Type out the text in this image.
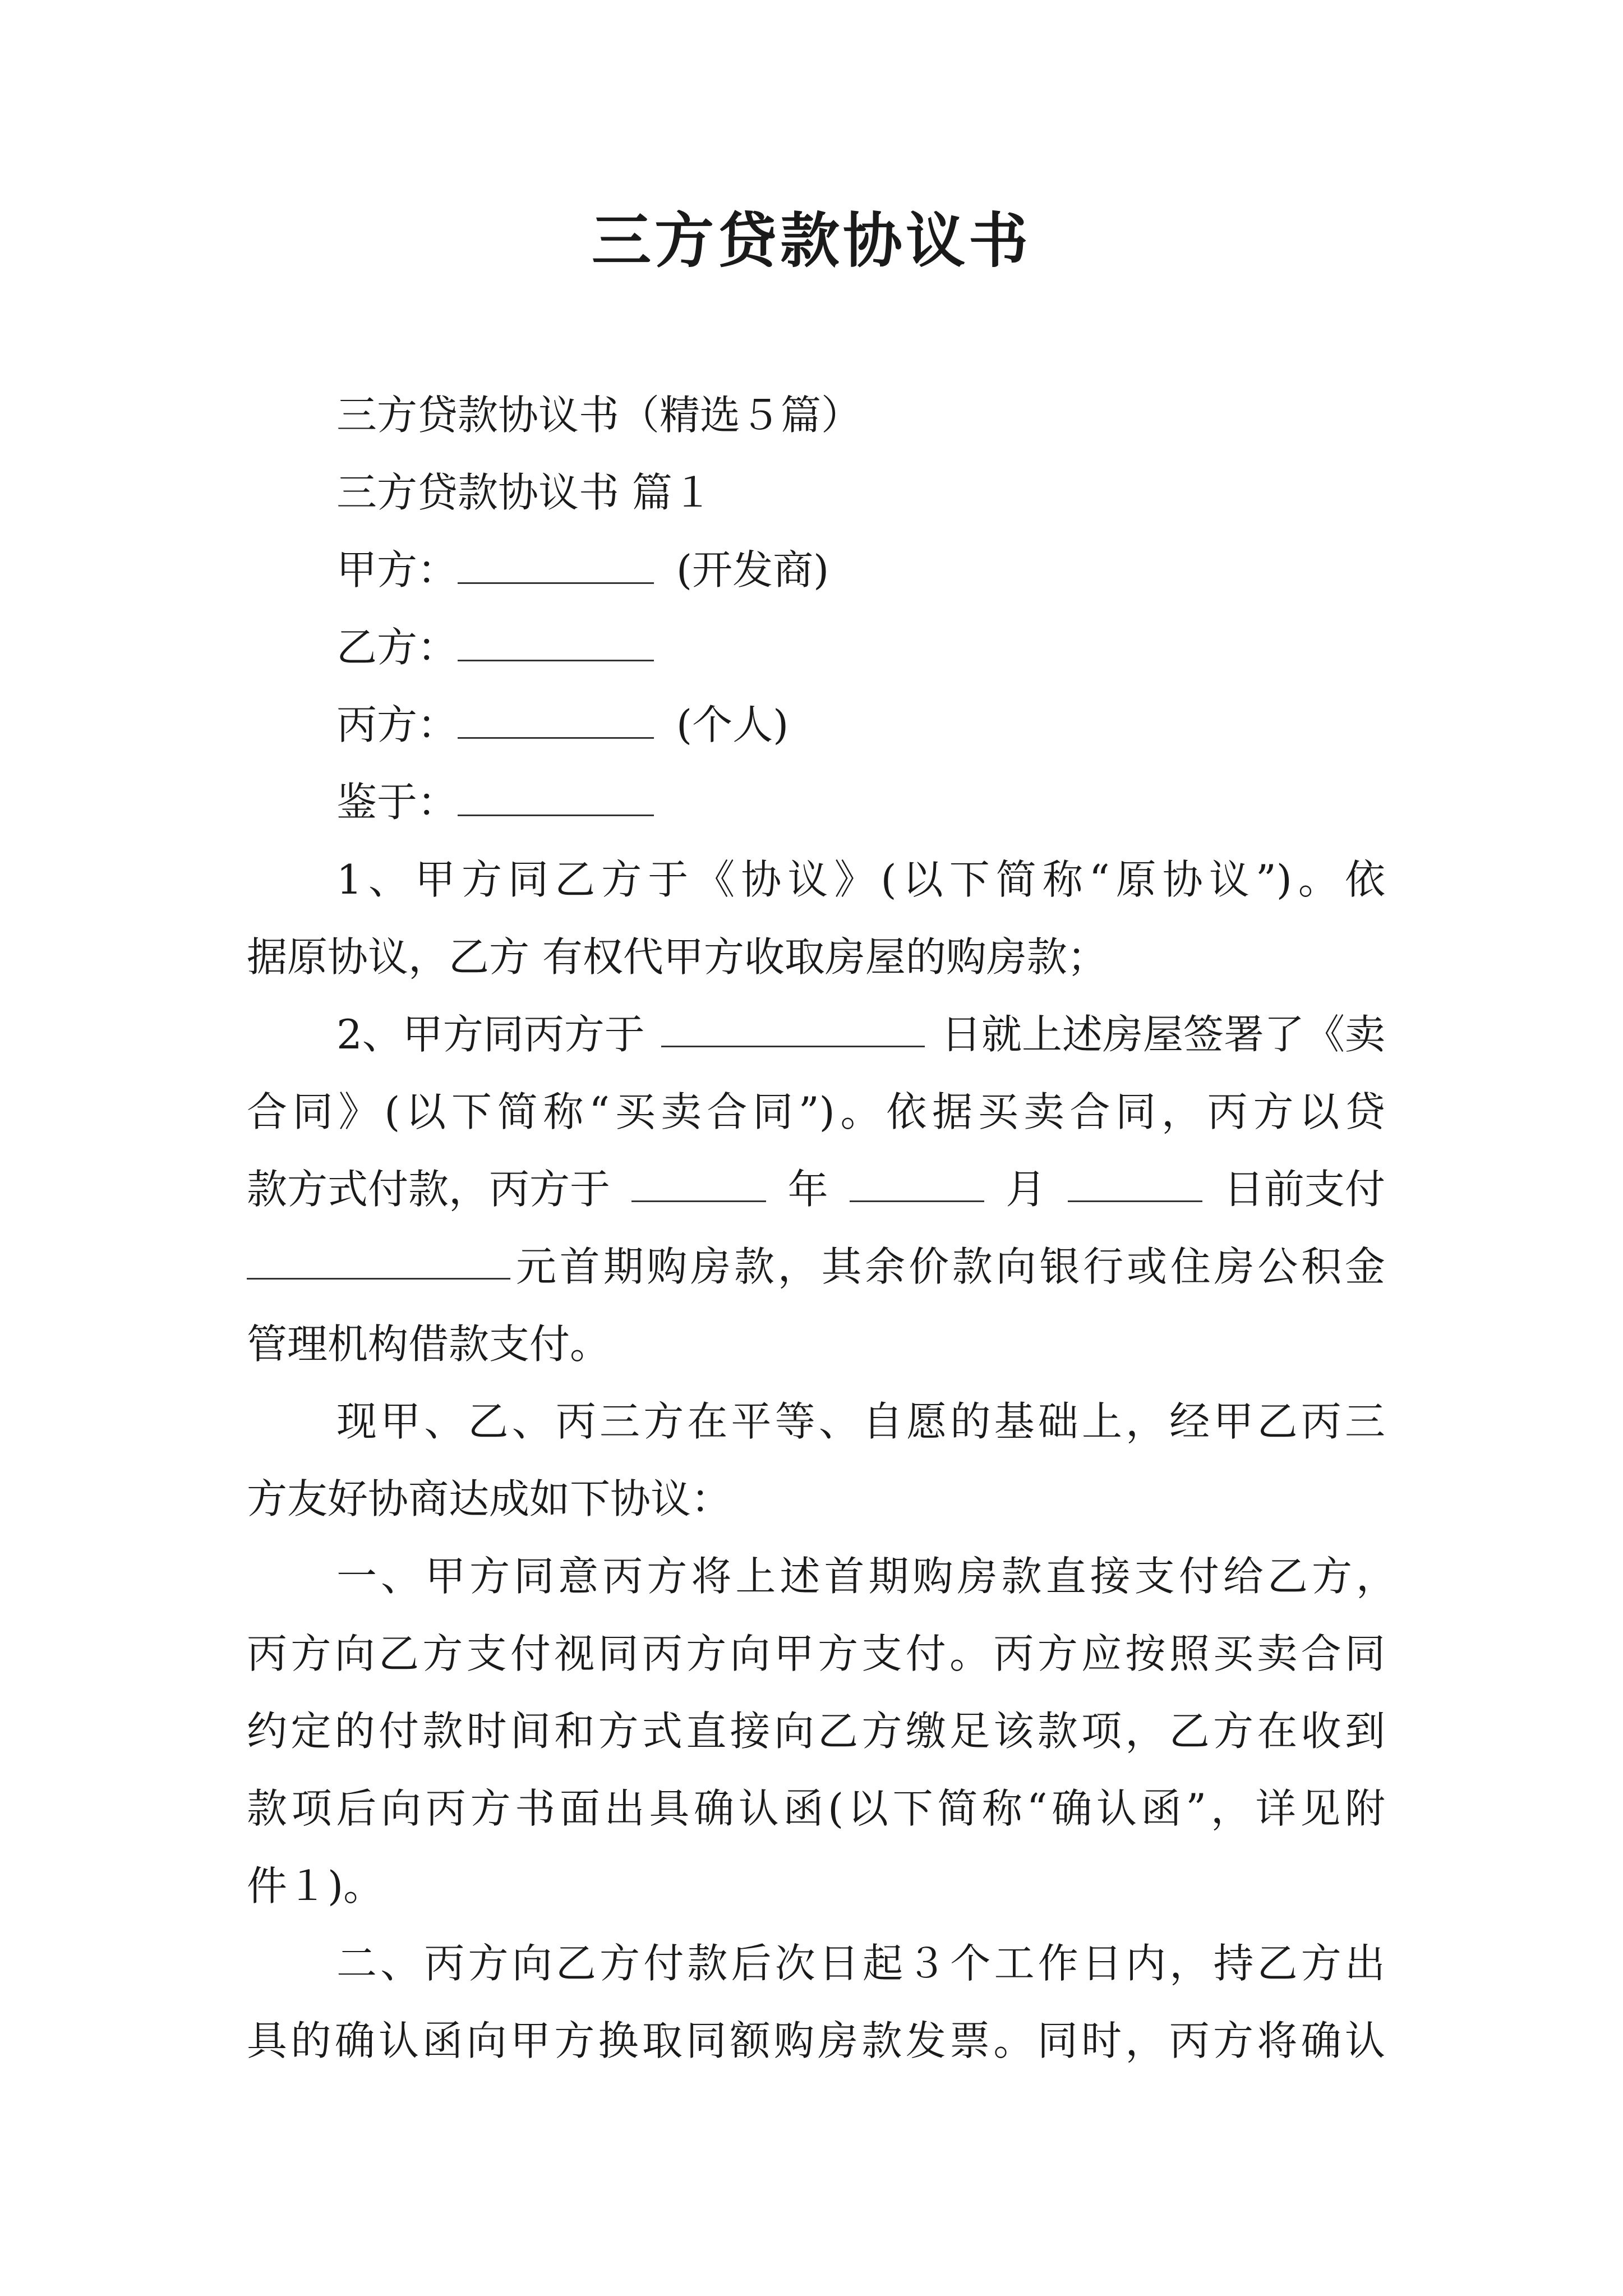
三方贷款协议书
三方贷款协议书（精选５篇）
三方贷款协议书 篇１
甲方：	(开发商)
乙方：
丙方：	(个人)
鉴于：
1、甲方同乙方于《协议》(以下简称“原协议”)。依
据原协议，乙方 有权代甲方收取房屋的购房款；
2、甲方同丙方于	日就上述房屋签署了《卖
合同》(以下简称“买卖合同”)。依据买卖合同，丙方以贷
款方式付款，丙方于	年	月	日前支付
元首期购房款，其余价款向银行或住房公积金
管理机构借款支付。
现甲、乙、丙三方在平等、自愿的基础上，经甲乙丙三
方友好协商达成如下协议：
一、甲方同意丙方将上述首期购房款直接支付给乙方，
丙方向乙方支付视同丙方向甲方支付。丙方应按照买卖合同
约定的付款时间和方式直接向乙方缴足该款项，乙方在收到
款项后向丙方书面出具确认函(以下简称“确认函”，详见附
件１)。
二、丙方向乙方付款后次日起３个工作日内，持乙方出
具的确认函向甲方换取同额购房款发票。同时，丙方将确认
